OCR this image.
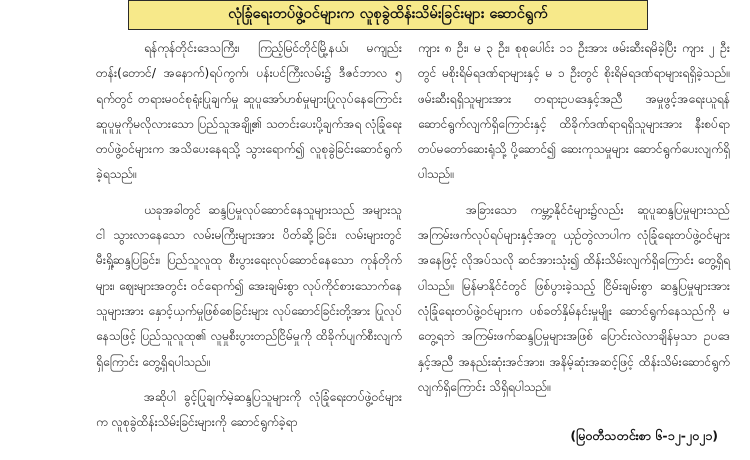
လုံခြုံရေးတပ်ဖွဲ့ဝင်များက လူစုခွဲထိန်းသိမ်းခြင်းများ ဆောင်ရွက်

ရန်ကုန်တိုင်းဒေသကြီး၊ ကြည့်မြင်တိုင်မြို့နယ်၊ မကျည်းတန်း(တောင်/ အနောက်)ရပ်ကွက်၊ ပန်းပင်ကြီးလမ်း၌ ဒီဇင်ဘာလ ၅ ရက်တွင် တရားမဝင်စုရုံးပြုချက်မှု ဆူပူအော်ဟစ်မှုများပြုလုပ်နေကြောင်း ဆူပူမှုကိုမလိုလားသော ပြည်သူအချို့၏ သတင်းပေးပို့ချက်အရ လုံခြုံရေးတပ်ဖွဲ့ဝင်များက အသိပေးနေရသို့ သွားရောက်၍ လူစုခွဲခြင်းဆောင်ရွက်ခဲ့ရသည်။

ယခုအခါတွင် ဆန္ဒပြမှုလုပ်ဆောင်နေသူများသည် အများသူငါ သွားလာနေသော လမ်းမကြီးများအား ပိတ်ဆို့ခြင်း၊ လမ်းများတွင် မီးရှို့ဆန္ဒပြခြင်း၊ ပြည်သူလူထု စီးပွားရေးလုပ်ဆောင်နေသော ကုန်တိုက်များ၊ ဈေးများအတွင်း ဝင်ရောက်၍ အေးချမ်းစွာ လုပ်ကိုင်စားသောက်နေသူများအား နှောင့်ယှက်မှုဖြစ်စေခြင်းများ လုပ်ဆောင်ခြင်းတို့အား ပြုလုပ်နေသဖြင့် ပြည်သူလူထု၏ လူမှုစီးပွားတည်ငြိမ်မှုကို ထိခိုက်ပျက်စီးလျက်ရှိကြောင်း တွေ့ရှိရပါသည်။

အဆိုပါ ခွင့်ပြုချက်မဲ့ဆန္ဒပြသူများကို လုံခြုံရေးတပ်ဖွဲ့ဝင်များက လူစုခွဲထိန်းသိမ်းခြင်းများကို ဆောင်ရွက်ခဲ့ရာ

ကျား ၈ ဦး၊ မ ၃ ဦး၊ စုစုပေါင်း ၁၁ ဦးအား ဖမ်းဆီးရမိခဲ့ပြီး ကျား ၂ ဦးတွင် မစိုးရိမ်ရဒဏ်ရာများနှင့် မ ၁ ဦးတွင် စိုးရိမ်ရဒဏ်ရာများရရှိခဲ့သည်။ ဖမ်းဆီးရရှိသူများအား တရားဥပဒေနှင့်အညီ အမှုဖွင့်အရေးယူရန် ဆောင်ရွက်လျက်ရှိကြောင်းနှင့် ထိခိုက်ဒဏ်ရာရရှိသူများအား နီးစပ်ရာတပ်မတော်ဆေးရုံသို့ ပို့ဆောင်၍ ဆေးကုသမှုများ ဆောင်ရွက်ပေးလျက်ရှိပါသည်။

အခြားသော ကမ္ဘာ့နိုင်ငံများ၌လည်း ဆူပူဆန္ဒပြမှုများသည် အကြမ်းဖက်လုပ်ရပ်များနှင့်အတူ ယှဉ်တွဲလာပါက လုံခြုံရေးတပ်ဖွဲ့ဝင်များအနေဖြင့် လိုအပ်သလို ဆင်အားသုံး၍ ထိန်းသိမ်းလျက်ရှိကြောင်း တွေ့ရှိရပါသည်။ မြန်မာနိုင်ငံတွင် ဖြစ်ပွားခဲ့သည့် ငြိမ်းချမ်းစွာ ဆန္ဒပြမှုများအား လုံခြုံရေးတပ်ဖွဲ့ဝင်များက ပစ်ခတ်နှိမ်နင်းမှုမျိုး ဆောင်ရွက်နေသည်ကို မတွေ့ရဘဲ အကြမ်းဖက်ဆန္ဒပြမှုများအဖြစ် ပြောင်းလဲလာချိန်မှသာ ဥပဒေနှင့်အညီ အနည်းဆုံးအင်အား၊ အနိမ့်ဆုံးအဆင့်ဖြင့် ထိန်းသိမ်းဆောင်ရွက်လျက်ရှိကြောင်း သိရှိရပါသည်။

(မြဝတီသတင်းစာ ၆-၁၂-၂၀၂၁)
